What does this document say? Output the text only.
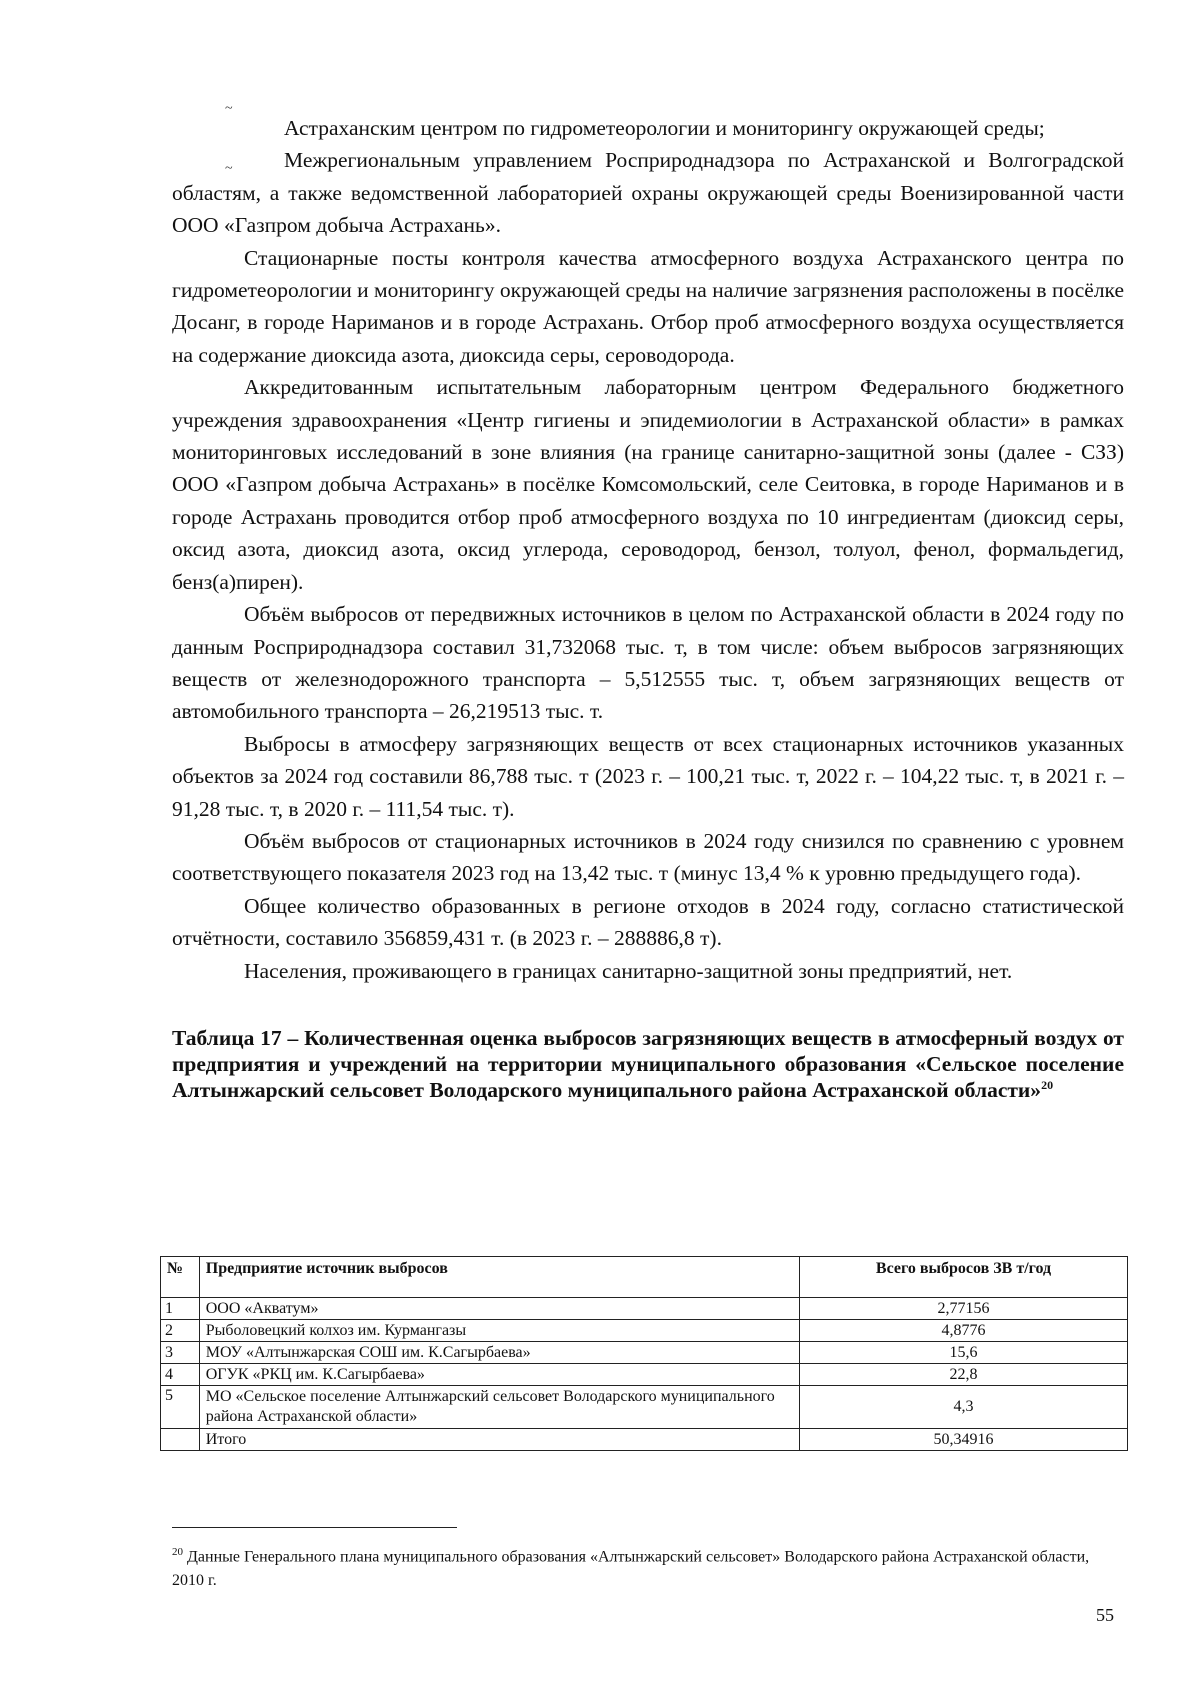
~
~

Астраханским центром по гидрометеорологии и мониторингу окружающей среды;

Межрегиональным управлением Росприроднадзора по Астраханской и Волгоградской областям, а также ведомственной лабораторией охраны окружающей среды Военизированной части ООО «Газпром добыча Астрахань».

Стационарные посты контроля качества атмосферного воздуха Астраханского центра по гидрометеорологии и мониторингу окружающей среды на наличие загрязнения расположены в посёлке Досанг, в городе Нариманов и в городе Астрахань. Отбор проб атмосферного воздуха осуществляется на содержание диоксида азота, диоксида серы, сероводорода.

Аккредитованным испытательным лабораторным центром Федерального бюджетного учреждения здравоохранения «Центр гигиены и эпидемиологии в Астраханской области» в рамках мониторинговых исследований в зоне влияния (на границе санитарно-защитной зоны (далее - СЗЗ) ООО «Газпром добыча Астрахань» в посёлке Комсомольский, селе Сеитовка, в городе Нариманов и в городе Астрахань проводится отбор проб атмосферного воздуха по 10 ингредиентам (диоксид серы, оксид азота, диоксид азота, оксид углерода, сероводород, бензол, толуол, фенол, формальдегид, бенз(а)пирен).

Объём выбросов от передвижных источников в целом по Астраханской области в 2024 году по данным Росприроднадзора составил 31,732068 тыс. т, в том числе: объем выбросов загрязняющих веществ от железнодорожного транспорта – 5,512555 тыс. т, объем загрязняющих веществ от автомобильного транспорта – 26,219513 тыс. т.

Выбросы в атмосферу загрязняющих веществ от всех стационарных источников указанных объектов за 2024 год составили 86,788 тыс. т (2023 г. – 100,21 тыс. т, 2022 г. – 104,22 тыс. т, в 2021 г. – 91,28 тыс. т, в 2020 г. – 111,54 тыс. т).

Объём выбросов от стационарных источников в 2024 году снизился по сравнению с уровнем соответствующего показателя 2023 год на 13,42 тыс. т (минус 13,4 % к уровню предыдущего года).

Общее количество образованных в регионе отходов в 2024 году, согласно статистической отчётности, составило 356859,431 т. (в 2023 г. – 288886,8 т).

Населения, проживающего в границах санитарно-защитной зоны предприятий, нет.

Таблица 17 – Количественная оценка выбросов загрязняющих веществ в атмосферный воздух от предприятия и учреждений на территории муниципального образования «Сельское поселение Алтынжарский сельсовет Володарского муниципального района Астраханской области»$^{20}$

№	Предприятие источник выбросов	Всего выбросов ЗВ т/год
1	ООО «Акватум»	2,77156
2	Рыболовецкий колхоз им. Курмангазы	4,8776
3	МОУ «Алтынжарская СОШ им. К.Сагырбаева»	15,6
4	ОГУК «РКЦ им. К.Сагырбаева»	22,8
5	МО «Сельское поселение Алтынжарский сельсовет Володарского муниципального района Астраханской области»	4,3
	Итого	50,34916

$^{20}$ Данные Генерального плана муниципального образования «Алтынжарский сельсовет» Володарского района Астраханской области, 2010 г.

55
